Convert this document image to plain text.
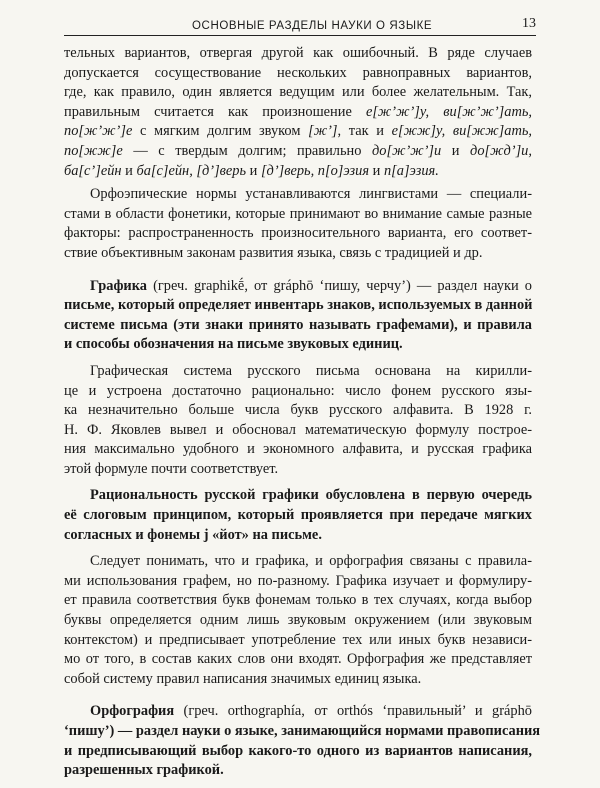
ОСНОВНЫЕ РАЗДЕЛЫ НАУКИ О ЯЗЫКЕ	13
тельных вариантов, отвергая другой как ошибочный. В ряде случаев
допускается сосуществование нескольких равноправных вариантов,
где, как правило, один является ведущим или более желательным. Так,
правильным считается как произношение е[ж’ж’]у, ви[ж’ж’]ать,
по[ж’ж’]е с мягким долгим звуком [ж’], так и е[жж]у, ви[жж]ать,
по[жж]е — с твердым долгим; правильно до[ж’ж’]и и до[жд’]и,
ба[с’]ейн и ба[с]ейн, [д’]верь и [д’]верь, п[о]эзия и п[а]эзия.
Орфоэпические нормы устанавливаются лингвистами — специали-
стами в области фонетики, которые принимают во внимание самые разные
факторы: распространенность произносительного варианта, его соответ-
ствие объективным законам развития языка, связь с традицией и др.
Графика (греч. graphikḗ, от gráphō ‘пишу, черчу’) — раздел науки о
письме, который определяет инвентарь знаков, используемых в данной
системе письма (эти знаки принято называть графемами), и правила
и способы обозначения на письме звуковых единиц.
Графическая система русского письма основана на кирилли-
це и устроена достаточно рационально: число фонем русского язы-
ка незначительно больше числа букв русского алфавита. В 1928 г.
Н. Ф. Яковлев вывел и обосновал математическую формулу построе-
ния максимально удобного и экономного алфавита, и русская графика
этой формуле почти соответствует.
Рациональность русской графики обусловлена в первую очередь
её слоговым принципом, который проявляется при передаче мягких
согласных и фонемы j «йот» на письме.
Следует понимать, что и графика, и орфография связаны с правила-
ми использования графем, но по-разному. Графика изучает и формулиру-
ет правила соответствия букв фонемам только в тех случаях, когда выбор
буквы определяется одним лишь звуковым окружением (или звуковым
контекстом) и предписывает употребление тех или иных букв независи-
мо от того, в состав каких слов они входят. Орфография же представляет
собой систему правил написания значимых единиц языка.
Орфография (греч. orthographía, от orthós ‘правильный’ и gráphō
‘пишу’) — раздел науки о языке, занимающийся нормами правописания
и предписывающий выбор какого-то одного из вариантов написания,
разрешенных графикой.
